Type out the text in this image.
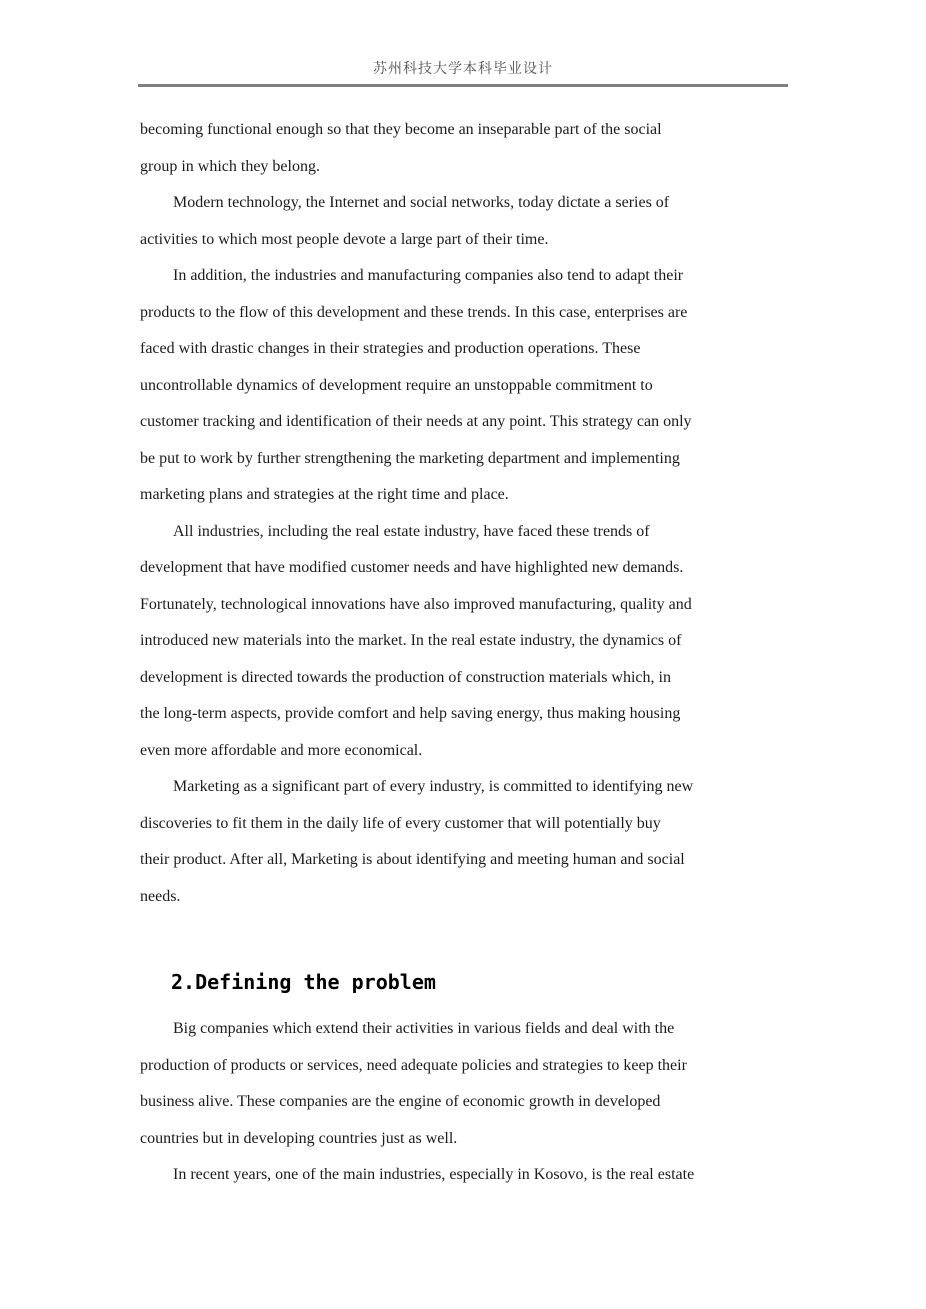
苏州科技大学本科毕业设计
becoming functional enough so that they become an inseparable part of the social
group in which they belong.
Modern technology, the Internet and social networks, today dictate a series of
activities to which most people devote a large part of their time.
In addition, the industries and manufacturing companies also tend to adapt their
products to the flow of this development and these trends. In this case, enterprises are
faced with drastic changes in their strategies and production operations. These
uncontrollable dynamics of development require an unstoppable commitment to
customer tracking and identification of their needs at any point. This strategy can only
be put to work by further strengthening the marketing department and implementing
marketing plans and strategies at the right time and place.
All industries, including the real estate industry, have faced these trends of
development that have modified customer needs and have highlighted new demands.
Fortunately, technological innovations have also improved manufacturing, quality and
introduced new materials into the market. In the real estate industry, the dynamics of
development is directed towards the production of construction materials which, in
the long-term aspects, provide comfort and help saving energy, thus making housing
even more affordable and more economical.
Marketing as a significant part of every industry, is committed to identifying new
discoveries to fit them in the daily life of every customer that will potentially buy
their product. After all, Marketing is about identifying and meeting human and social
needs.
2.Defining the problem
Big companies which extend their activities in various fields and deal with the
production of products or services, need adequate policies and strategies to keep their
business alive. These companies are the engine of economic growth in developed
countries but in developing countries just as well.
In recent years, one of the main industries, especially in Kosovo, is the real estate
